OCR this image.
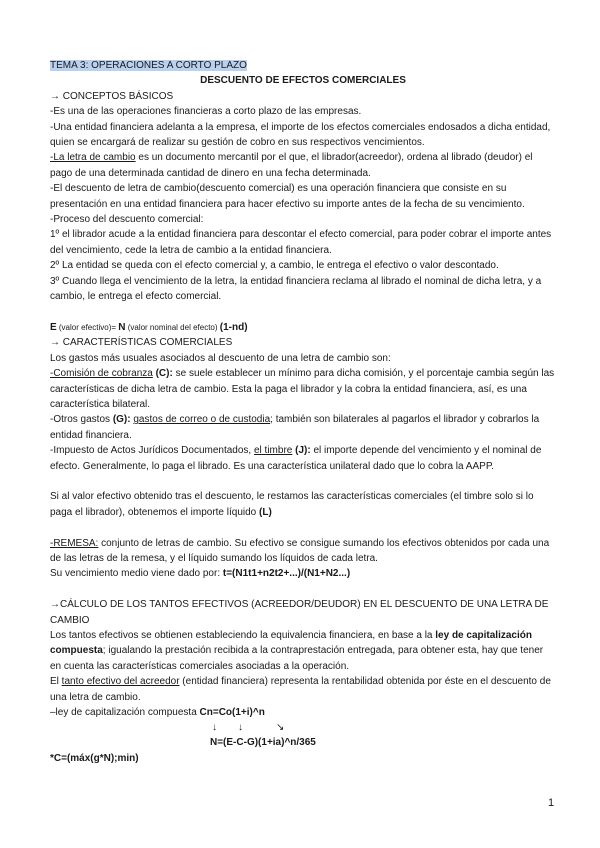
TEMA 3: OPERACIONES A CORTO PLAZO

DESCUENTO DE EFECTOS COMERCIALES

→ CONCEPTOS BÁSICOS

-Es una de las operaciones financieras a corto plazo de las empresas.

-Una entidad financiera adelanta a la empresa, el importe de los efectos comerciales endosados a dicha entidad, quien se encargará de realizar su gestión de cobro en sus respectivos vencimientos.

-La letra de cambio es un documento mercantil por el que, el librador(acreedor), ordena al librado (deudor) el pago de una determinada cantidad de dinero en una fecha determinada.

-El descuento de letra de cambio(descuento comercial) es una operación financiera que consiste en su presentación en una entidad financiera para hacer efectivo su importe antes de la fecha de su vencimiento.

-Proceso del descuento comercial:

1º el librador acude a la entidad financiera para descontar el efecto comercial, para poder cobrar el importe antes del vencimiento, cede la letra de cambio a la entidad financiera.

2º La entidad se queda con el efecto comercial y, a cambio, le entrega el efectivo o valor descontado.

3º Cuando llega el vencimiento de la letra, la entidad financiera reclama al librado el nominal de dicha letra, y a cambio, le entrega el efecto comercial.

E (valor efectivo)= N (valor nominal del efecto) (1-nd)

→ CARACTERÍSTICAS COMERCIALES

Los gastos más usuales asociados al descuento de una letra de cambio son:

-Comisión de cobranza (C): se suele establecer un mínimo para dicha comisión, y el porcentaje cambia según las características de dicha letra de cambio. Esta la paga el librador y la cobra la entidad financiera, así, es una característica bilateral.

-Otros gastos (G): gastos de correo o de custodia; también son bilaterales al pagarlos el librador y cobrarlos la entidad financiera.

-Impuesto de Actos Jurídicos Documentados, el timbre (J): el importe depende del vencimiento y el nominal de efecto. Generalmente, lo paga el librado. Es una característica unilateral dado que lo cobra la AAPP.

Si al valor efectivo obtenido tras el descuento, le restamos las características comerciales (el timbre solo si lo paga el librador), obtenemos el importe líquido (L)

-REMESA: conjunto de letras de cambio. Su efectivo se consigue sumando los efectivos obtenidos por cada una de las letras de la remesa, y el líquido sumando los líquidos de cada letra.

Su vencimiento medio viene dado por: t=(N1t1+n2t2+...)/(N1+N2...)

→CÁLCULO DE LOS TANTOS EFECTIVOS (ACREEDOR/DEUDOR) EN EL DESCUENTO DE UNA LETRA DE CAMBIO

Los tantos efectivos se obtienen estableciendo la equivalencia financiera, en base a la ley de capitalización compuesta; igualando la prestación recibida a la contraprestación entregada, para obtener esta, hay que tener en cuenta las características comerciales asociadas a la operación.

El tanto efectivo del acreedor (entidad financiera) representa la rentabilidad obtenida por éste en el descuento de una letra de cambio.

–ley de capitalización compuesta Cn=Co(1+i)^n

↓ ↓	↘

N=(E-C-G)(1+ia)^n/365

*C=(máx(g*N);min)

1
